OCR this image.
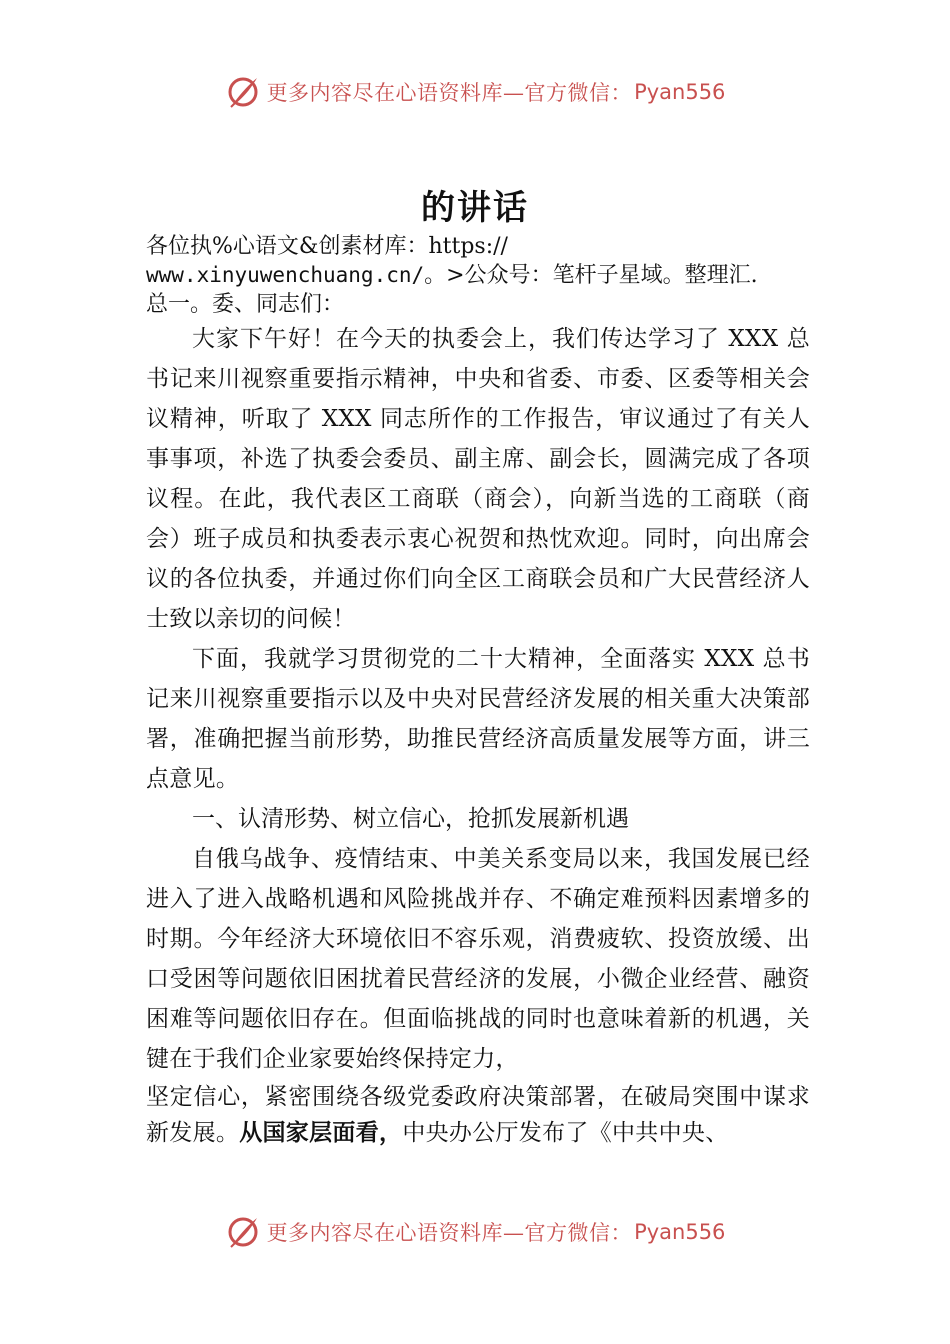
更多内容尽在心语资料库—官方微信： Pyan556
的讲话

各位执%心语文&创素材库：https://
www.xinyuwenchuang.cn/。>公众号：笔杆子星域。整理汇.
总一。委、同志们：

大家下午好！在今天的执委会上，我们传达学习了 XXX 总书记来川视察重要指示精神，中央和省委、市委、区委等相关会议精神，听取了 XXX 同志所作的工作报告，审议通过了有关人事事项，补选了执委会委员、副主席、副会长，圆满完成了各项议程。在此，我代表区工商联（商会），向新当选的工商联（商会）班子成员和执委表示衷心祝贺和热忱欢迎。同时，向出席会议的各位执委，并通过你们向全区工商联会员和广大民营经济人士致以亲切的问候！

下面，我就学习贯彻党的二十大精神，全面落实 XXX 总书记来川视察重要指示以及中央对民营经济发展的相关重大决策部署，准确把握当前形势，助推民营经济高质量发展等方面，讲三点意见。

一、认清形势、树立信心，抢抓发展新机遇

自俄乌战争、疫情结束、中美关系变局以来，我国发展已经进入了进入战略机遇和风险挑战并存、不确定难预料因素增多的时期。今年经济大环境依旧不容乐观，消费疲软、投资放缓、出口受困等问题依旧困扰着民营经济的发展，小微企业经营、融资困难等问题依旧存在。但面临挑战的同时也意味着新的机遇，关键在于我们企业家要始终保持定力，

坚定信心，紧密围绕各级党委政府决策部署，在破局突围中谋求新发展。从国家层面看，中央办公厅发布了《中共中央、

更多内容尽在心语资料库—官方微信： Pyan556
